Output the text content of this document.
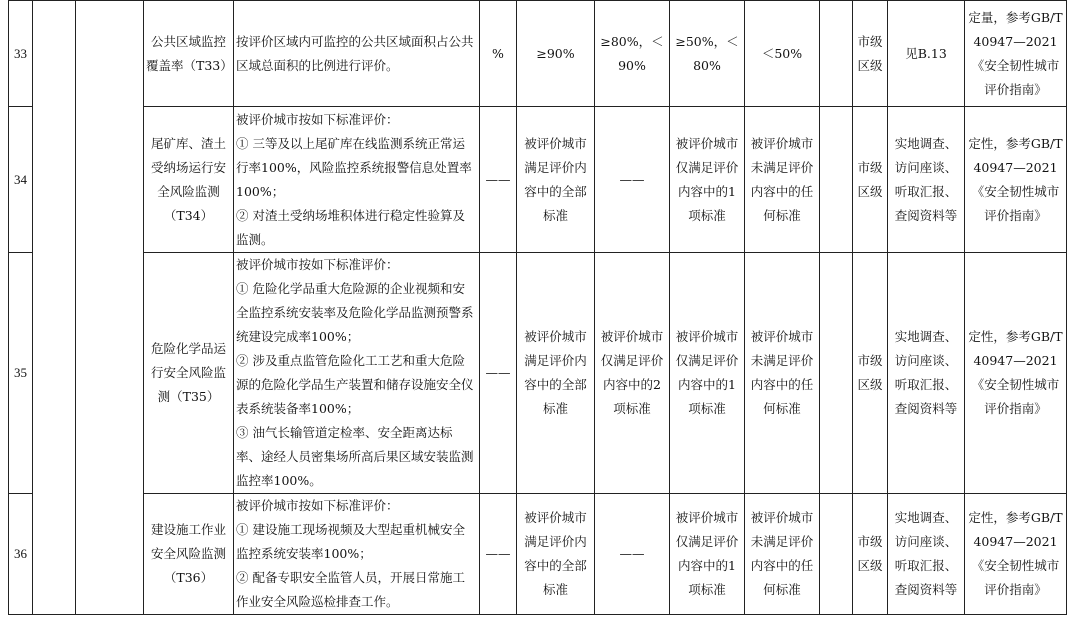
33			公共区域监控覆盖率（T33）	按评价区域内可监控的公共区域面积占公共区域总面积的比例进行评价。	%	≥90%	≥80%，＜90%	≥50%，＜80%	＜50%		市级区级	见B.13	定量，参考GB/T 40947—2021《安全韧性城市评价指南》
34			尾矿库、渣土受纳场运行安全风险监测（T34）	被评价城市按如下标准评价：
① 三等及以上尾矿库在线监测系统正常运行率100%，风险监控系统报警信息处置率100%；
② 对渣土受纳场堆积体进行稳定性验算及监测。	——	被评价城市满足评价内容中的全部标准	——	被评价城市仅满足评价内容中的1项标准	被评价城市未满足评价内容中的任何标准		市级区级	实地调查、访问座谈、听取汇报、查阅资料等	定性，参考GB/T 40947—2021《安全韧性城市评价指南》
35			危险化学品运行安全风险监测（T35）	被评价城市按如下标准评价：
① 危险化学品重大危险源的企业视频和安全监控系统安装率及危险化学品监测预警系统建设完成率100%；
② 涉及重点监管危险化工工艺和重大危险源的危险化学品生产装置和储存设施安全仪表系统装备率100%；
③ 油气长输管道定检率、安全距离达标率、途经人员密集场所高后果区域安装监测监控率100%。	——	被评价城市满足评价内容中的全部标准	被评价城市仅满足评价内容中的2项标准	被评价城市仅满足评价内容中的1项标准	被评价城市未满足评价内容中的任何标准		市级区级	实地调查、访问座谈、听取汇报、查阅资料等	定性，参考GB/T 40947—2021《安全韧性城市评价指南》
36			建设施工作业安全风险监测（T36）	被评价城市按如下标准评价：
① 建设施工现场视频及大型起重机械安全监控系统安装率100%；
② 配备专职安全监管人员，开展日常施工作业安全风险巡检排查工作。	——	被评价城市满足评价内容中的全部标准	——	被评价城市仅满足评价内容中的1项标准	被评价城市未满足评价内容中的任何标准		市级区级	实地调查、访问座谈、听取汇报、查阅资料等	定性，参考GB/T 40947—2021《安全韧性城市评价指南》
